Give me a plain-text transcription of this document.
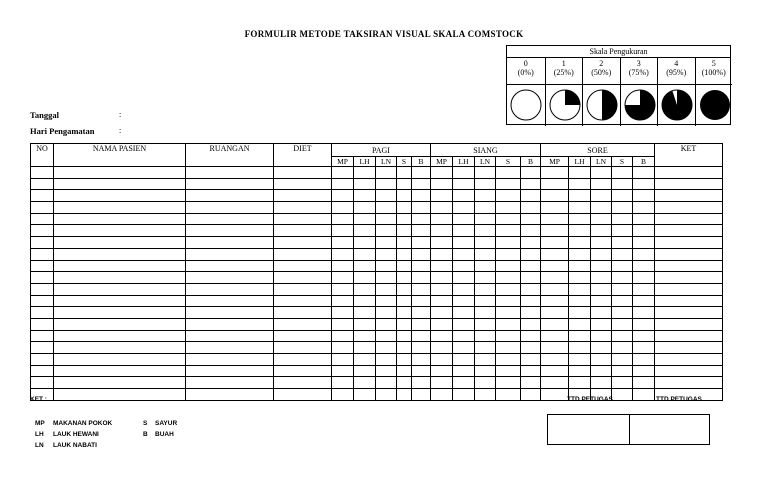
FORMULIR METODE TAKSIRAN VISUAL SKALA COMSTOCK
Skala Pengukuran
0
(0%)
1
(25%)
2
(50%)
3
(75%)
4
(95%)
5
(100%)
Tanggal	:
Hari Pengamatan	:
NO	NAMA PASIEN	RUANGAN	DIET	PAGI					SIANG					SORE					KET
				MP	LH	LN	S	B	MP	LH	LN	S	B	MP	LH	LN	S	B	

KET :	TTD PETUGAS	TTD PETUGAS
MP MAKANAN POKOK
LH LAUK HEWANI
LN LAUK NABATI
S SAYUR
B BUAH
